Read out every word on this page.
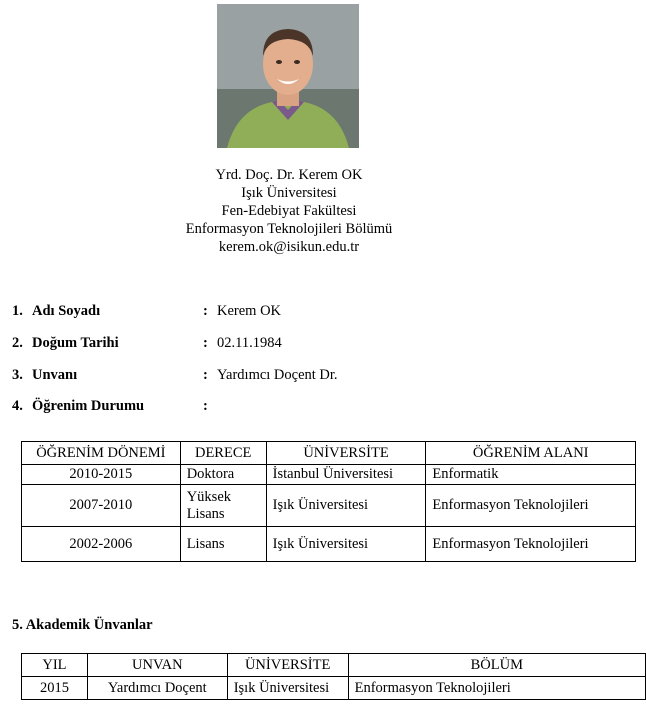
Yrd. Doç. Dr. Kerem OK
Işık Üniversitesi
Fen-Edebiyat Fakültesi
Enformasyon Teknolojileri Bölümü
kerem.ok@isikun.edu.tr
1. Adı Soyadı	: Kerem OK
2. Doğum Tarihi	: 02.11.1984
3. Unvanı	: Yardımcı Doçent Dr.
4. Öğrenim Durumu	:
ÖĞRENİM DÖNEMİ	DERECE	ÜNİVERSİTE	ÖĞRENİM ALANI
2010-2015	Doktora	İstanbul Üniversitesi	Enformatik
2007-2010	Yüksek Lisans	Işık Üniversitesi	Enformasyon Teknolojileri
2002-2006	Lisans	Işık Üniversitesi	Enformasyon Teknolojileri
5. Akademik Ünvanlar
YIL	UNVAN	ÜNİVERSİTE	BÖLÜM
2015	Yardımcı Doçent	Işık Üniversitesi	Enformasyon Teknolojileri
